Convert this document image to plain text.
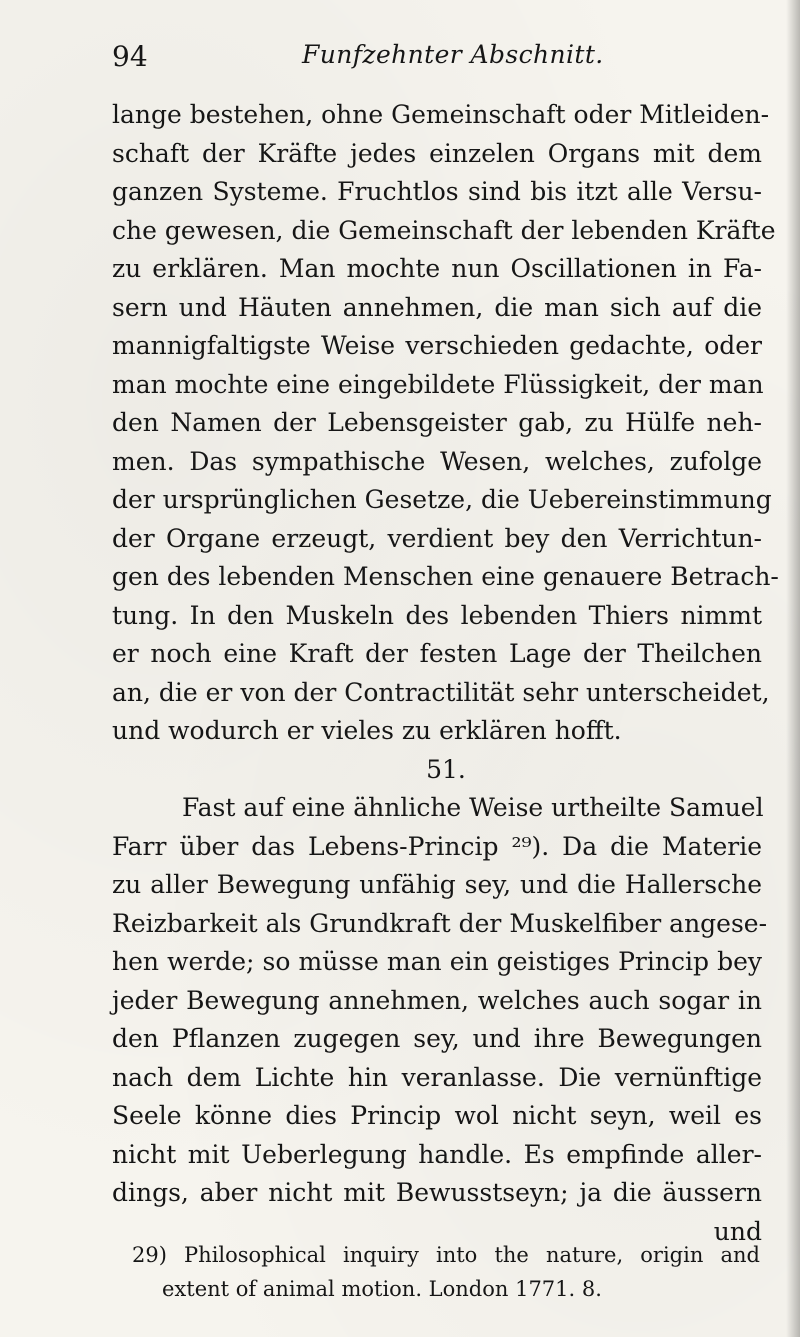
94	Funfzehnter Abschnitt.
lange bestehen, ohne Gemeinschaft oder Mitleiden-
schaft der Kräfte jedes einzelen Organs mit dem
ganzen Systeme. Fruchtlos sind bis itzt alle Versu-
che gewesen, die Gemeinschaft der lebenden Kräfte
zu erklären. Man mochte nun Oscillationen in Fa-
sern und Häuten annehmen, die man sich auf die
mannigfaltigste Weise verschieden gedachte, oder
man mochte eine eingebildete Flüssigkeit, der man
den Namen der Lebensgeister gab, zu Hülfe neh-
men. Das sympathische Wesen, welches, zufolge
der ursprünglichen Gesetze, die Uebereinstimmung
der Organe erzeugt, verdient bey den Verrichtun-
gen des lebenden Menschen eine genauere Betrach-
tung. In den Muskeln des lebenden Thiers nimmt
er noch eine Kraft der festen Lage der Theilchen
an, die er von der Contractilität sehr unterscheidet,
und wodurch er vieles zu erklären hofft.
51.
Fast auf eine ähnliche Weise urtheilte Samuel
Farr über das Lebens-Princip ²⁹). Da die Materie
zu aller Bewegung unfähig sey, und die Hallersche
Reizbarkeit als Grundkraft der Muskelfiber angese-
hen werde; so müsse man ein geistiges Princip bey
jeder Bewegung annehmen, welches auch sogar in
den Pflanzen zugegen sey, und ihre Bewegungen
nach dem Lichte hin veranlasse. Die vernünftige
Seele könne dies Princip wol nicht seyn, weil es
nicht mit Ueberlegung handle. Es empfinde aller-
dings, aber nicht mit Bewusstseyn; ja die äussern
und
29) Philosophical inquiry into the nature, origin and
extent of animal motion. London 1771. 8.
